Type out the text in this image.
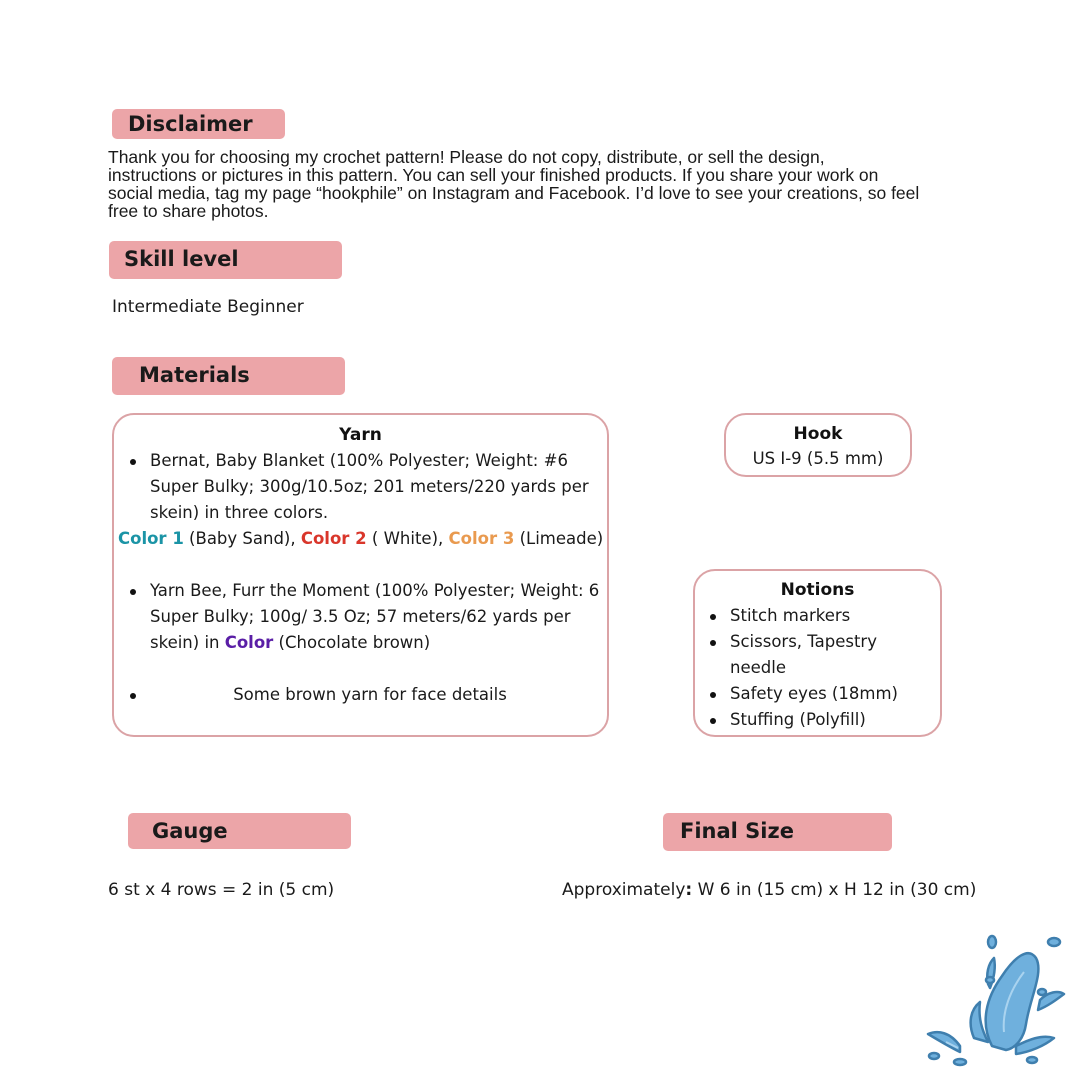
Disclaimer
Thank you for choosing my crochet pattern! Please do not copy, distribute, or sell the design,
instructions or pictures in this pattern. You can sell your finished products. If you share your work on
social media, tag my page “hookphile” on Instagram and Facebook. I’d love to see your creations, so feel
free to share photos.
Skill level
Intermediate Beginner
Materials
Yarn
Bernat, Baby Blanket (100% Polyester; Weight: #6
Super Bulky; 300g/10.5oz; 201 meters/220 yards per
skein) in three colors.
Color 1 (Baby Sand), Color 2 ( White), Color 3 (Limeade)
Yarn Bee, Furr the Moment (100% Polyester; Weight: 6
Super Bulky; 100g/ 3.5 Oz; 57 meters/62 yards per
skein) in Color (Chocolate brown)
Some brown yarn for face details
Hook
US I-9 (5.5 mm)
Notions
Stitch markers
Scissors, Tapestry
needle
Safety eyes (18mm)
Stuffing (Polyfill)
Gauge
6 st x 4 rows = 2 in (5 cm)
Final Size
Approximately: W 6 in (15 cm) x H 12 in (30 cm)
